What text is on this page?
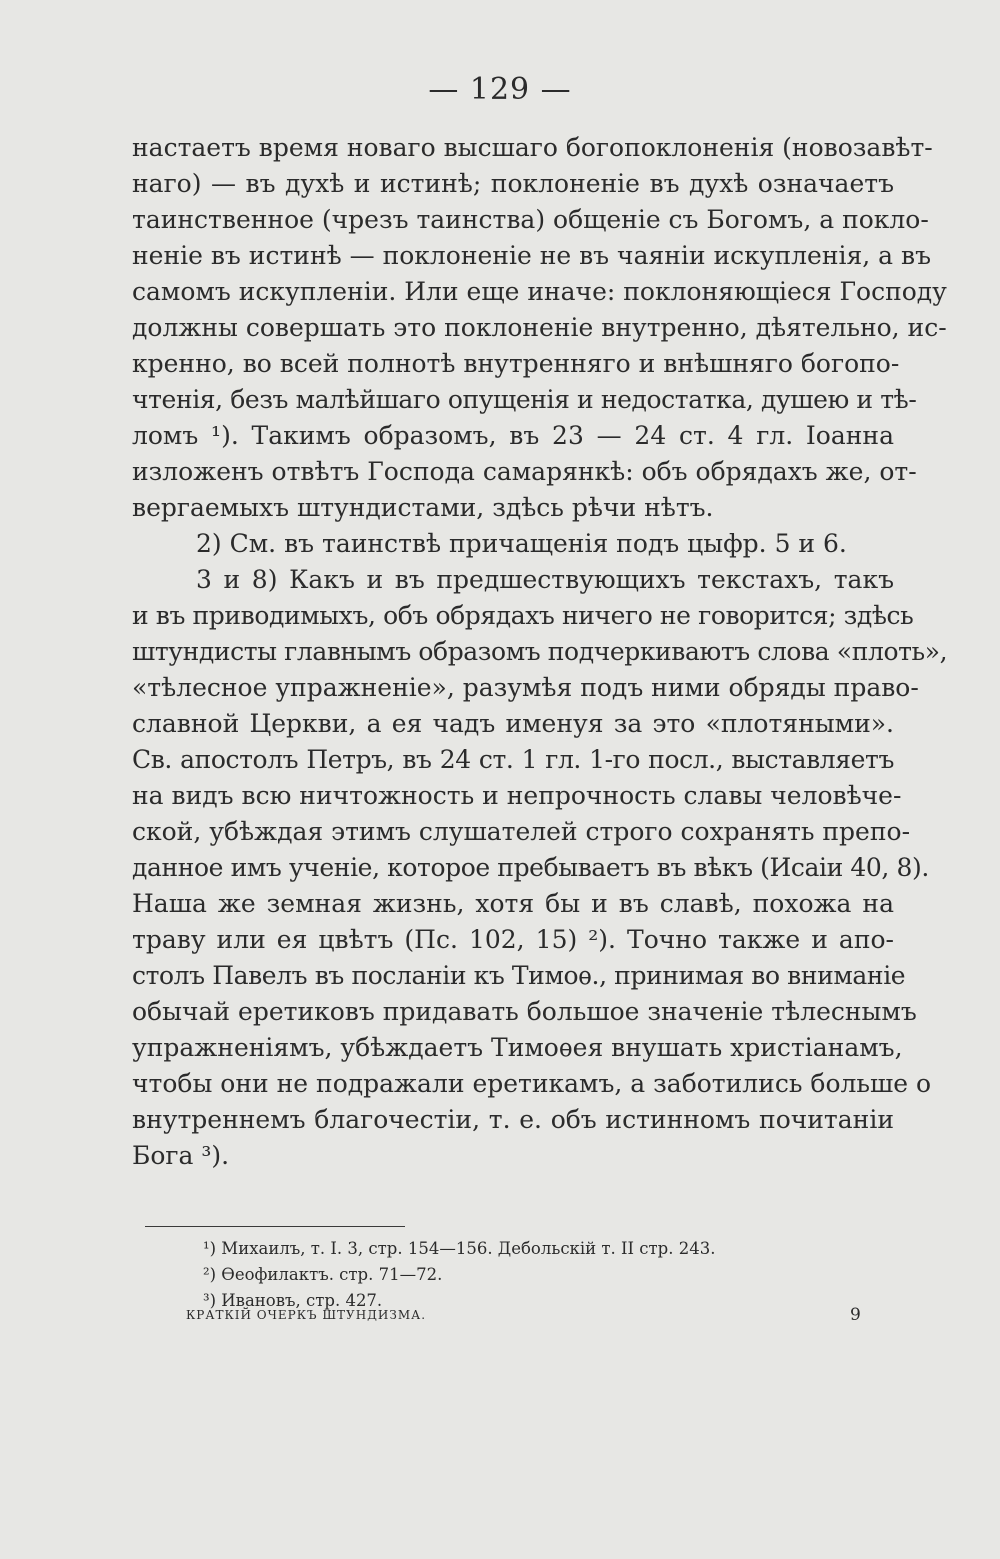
— 129 —
настаетъ время новаго высшаго богопоклоненія (новозавѣт-
наго) — въ духѣ и истинѣ; поклоненіе въ духѣ означаетъ
таинственное (чрезъ таинства) общеніе съ Богомъ, а покло-
неніе въ истинѣ — поклоненіе не въ чаяніи искупленія, а въ
самомъ искупленіи. Или еще иначе: поклоняющіеся Господу
должны совершать это поклоненіе внутренно, дѣятельно, ис-
кренно, во всей полнотѣ внутренняго и внѣшняго богопо-
чтенія, безъ малѣйшаго опущенія и недостатка, душею и тѣ-
ломъ ¹). Такимъ образомъ, въ 23 — 24 ст. 4 гл. Іоанна
изложенъ отвѣтъ Господа самарянкѣ: объ обрядахъ же, от-
вергаемыхъ штундистами, здѣсь рѣчи нѣтъ.
2) См. въ таинствѣ причащенія подъ цыфр. 5 и 6.
3 и 8) Какъ и въ предшествующихъ текстахъ, такъ
и въ приводимыхъ, объ обрядахъ ничего не говорится; здѣсь
штундисты главнымъ образомъ подчеркиваютъ слова «плоть»,
«тѣлесное упражненіе», разумѣя подъ ними обряды право-
славной Церкви, а ея чадъ именуя за это «плотяными».
Св. апостолъ Петръ, въ 24 ст. 1 гл. 1-го посл., выставляетъ
на видъ всю ничтожность и непрочность славы человѣче-
ской, убѣждая этимъ слушателей строго сохранять препо-
данное имъ ученіе, которое пребываетъ въ вѣкъ (Исаіи 40, 8).
Наша же земная жизнь, хотя бы и въ славѣ, похожа на
траву или ея цвѣтъ (Пс. 102, 15) ²). Точно также и апо-
столъ Павелъ въ посланіи къ Тимоѳ., принимая во вниманіе
обычай еретиковъ придавать большое значеніе тѣлеснымъ
упражненіямъ, убѣждаетъ Тимоѳея внушать христіанамъ,
чтобы они не подражали еретикамъ, а заботились больше о
внутреннемъ благочестіи, т. е. объ истинномъ почитаніи
Бога ³).
¹) Михаилъ, т. I. 3, стр. 154—156. Дебольскій т. II стр. 243.
²) Ѳеофилактъ. стр. 71—72.
³) Ивановъ, стр. 427.
КРАТКІЙ ОЧЕРКЪ ШТУНДИЗМА.	9
